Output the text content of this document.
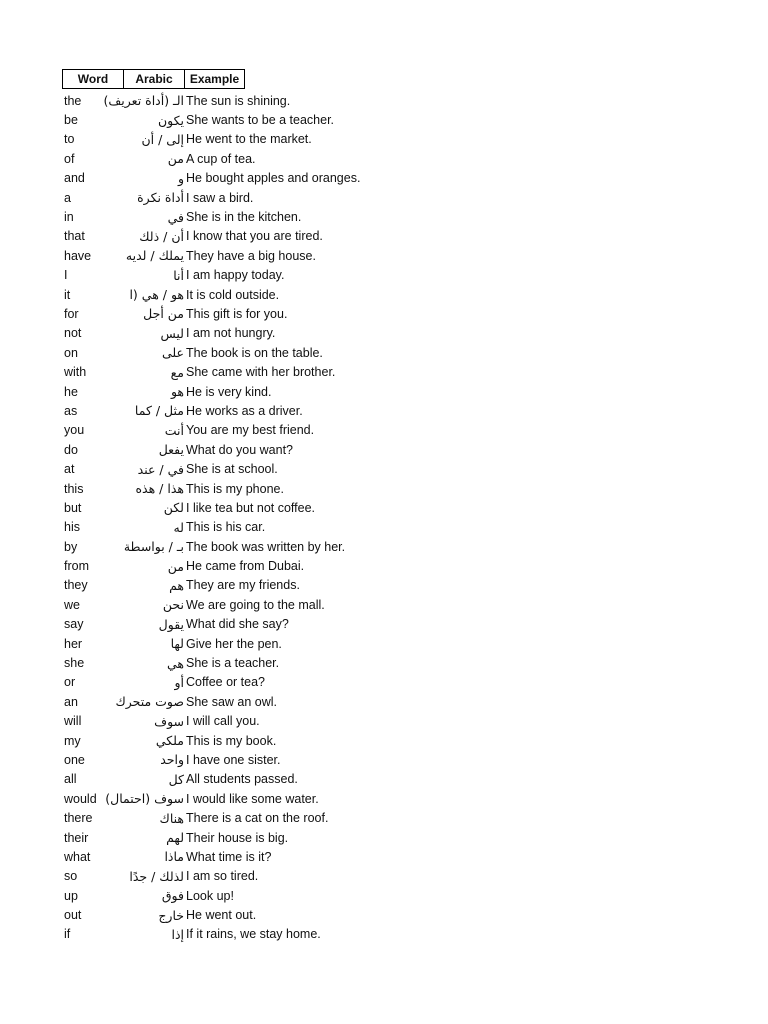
Word	Arabic	Example
the	الـ (أداة تعريف) The sun is shining.
be	يكون She wants to be a teacher.
to	إلى / أن He went to the market.
of	من A cup of tea.
and	و He bought apples and oranges.
a	أداة نكرة I saw a bird.
in	في She is in the kitchen.
that	أن / ذلك I know that you are tired.
have	يملك / لديه They have a big house.
I	أنا I am happy today.
it	هو / هي (ا It is cold outside.
for	من أجل This gift is for you.
not	ليس I am not hungry.
on	على The book is on the table.
with	مع She came with her brother.
he	هو He is very kind.
as	مثل / كما He works as a driver.
you	أنت You are my best friend.
do	يفعل What do you want?
at	في / عند She is at school.
this	هذا / هذه This is my phone.
but	لكن I like tea but not coffee.
his	له This is his car.
by	بـ / بواسطة The book was written by her.
from	من He came from Dubai.
they	هم They are my friends.
we	نحن We are going to the mall.
say	يقول What did she say?
her	لها Give her the pen.
she	هي She is a teacher.
or	أو Coffee or tea?
an	صوت متحرك She saw an owl.
will	سوف I will call you.
my	ملكي This is my book.
one	واحد I have one sister.
all	كل All students passed.
would سوف (احتمال) I would like some water.
there	هناك There is a cat on the roof.
their	لهم Their house is big.
what	ماذا What time is it?
so	لذلك / جدًا I am so tired.
up	فوق Look up!
out	خارج He went out.
if	إذا If it rains, we stay home.
